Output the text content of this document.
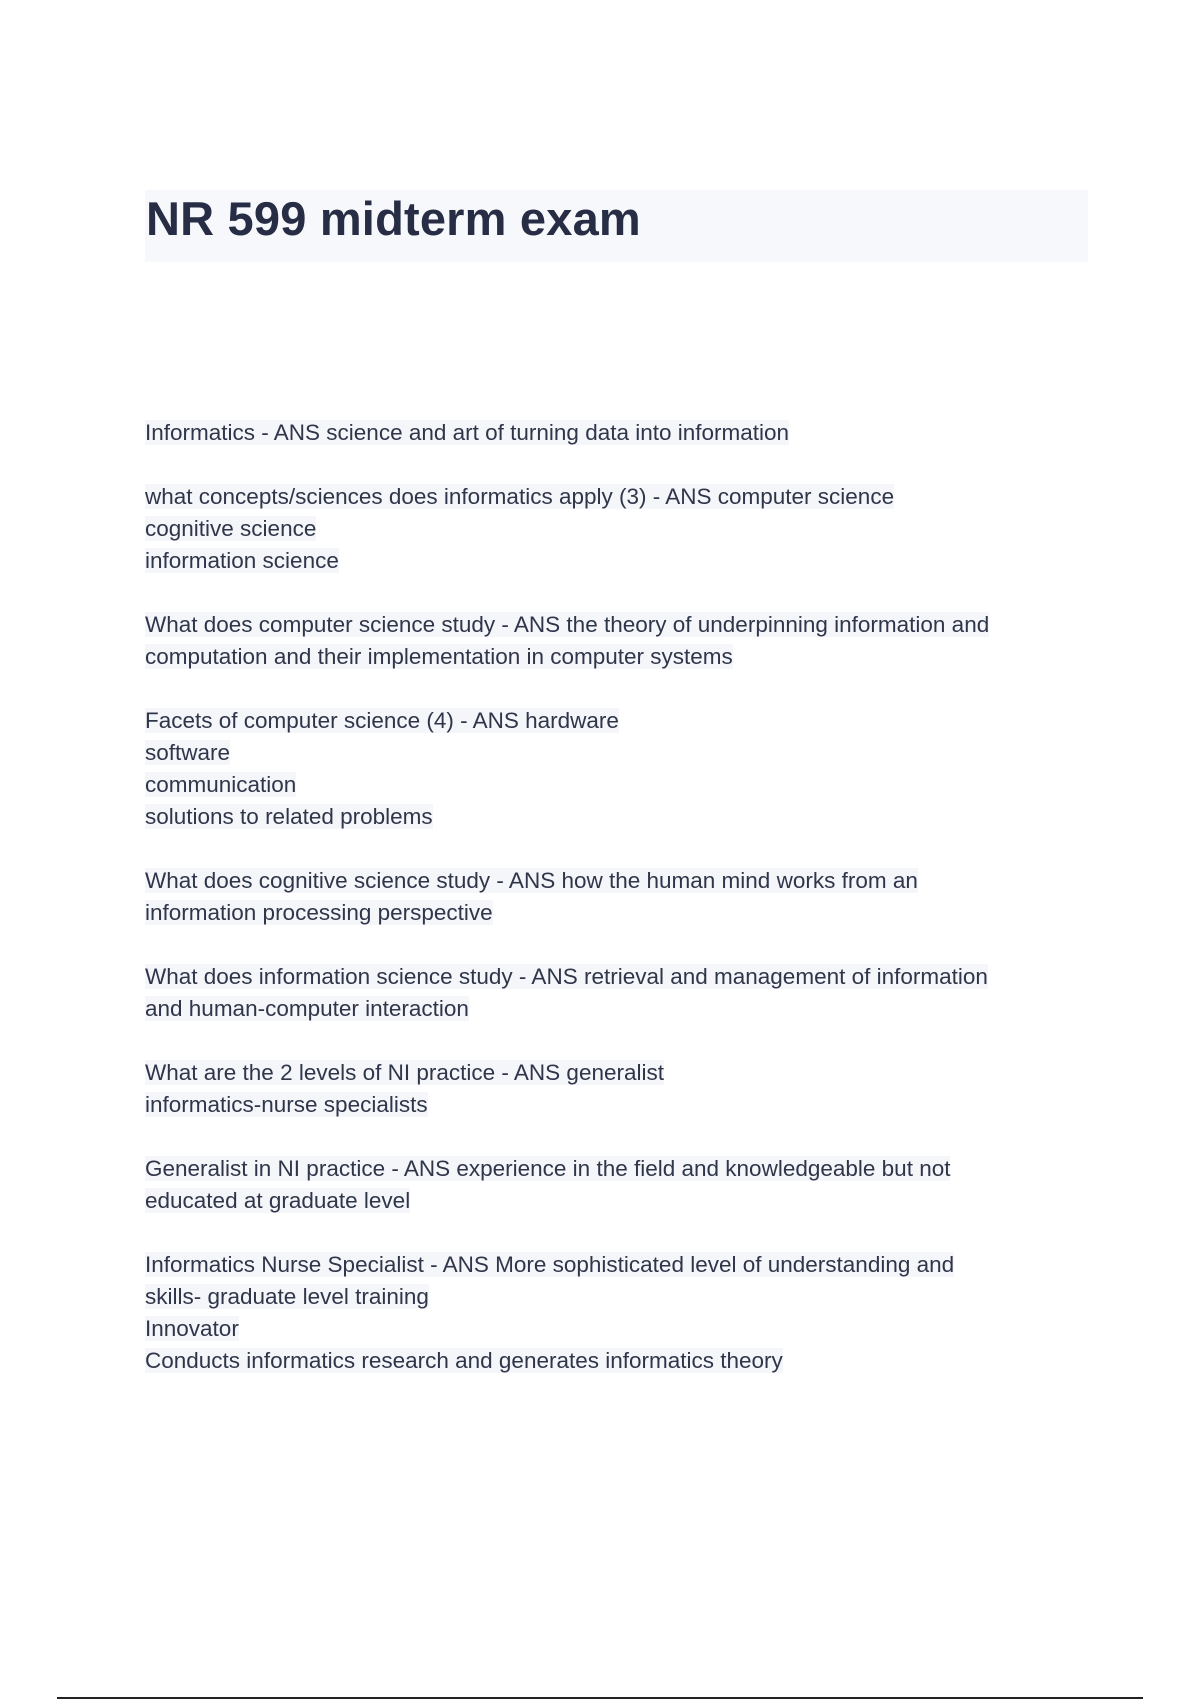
NR 599 midterm exam
Informatics - ANS science and art of turning data into information
what concepts/sciences does informatics apply (3) - ANS computer science
cognitive science
information science
What does computer science study - ANS the theory of underpinning information and
computation and their implementation in computer systems
Facets of computer science (4) - ANS hardware
software
communication
solutions to related problems
What does cognitive science study - ANS how the human mind works from an
information processing perspective
What does information science study - ANS retrieval and management of information
and human-computer interaction
What are the 2 levels of NI practice - ANS generalist
informatics-nurse specialists
Generalist in NI practice - ANS experience in the field and knowledgeable but not
educated at graduate level
Informatics Nurse Specialist - ANS More sophisticated level of understanding and
skills- graduate level training
Innovator
Conducts informatics research and generates informatics theory
